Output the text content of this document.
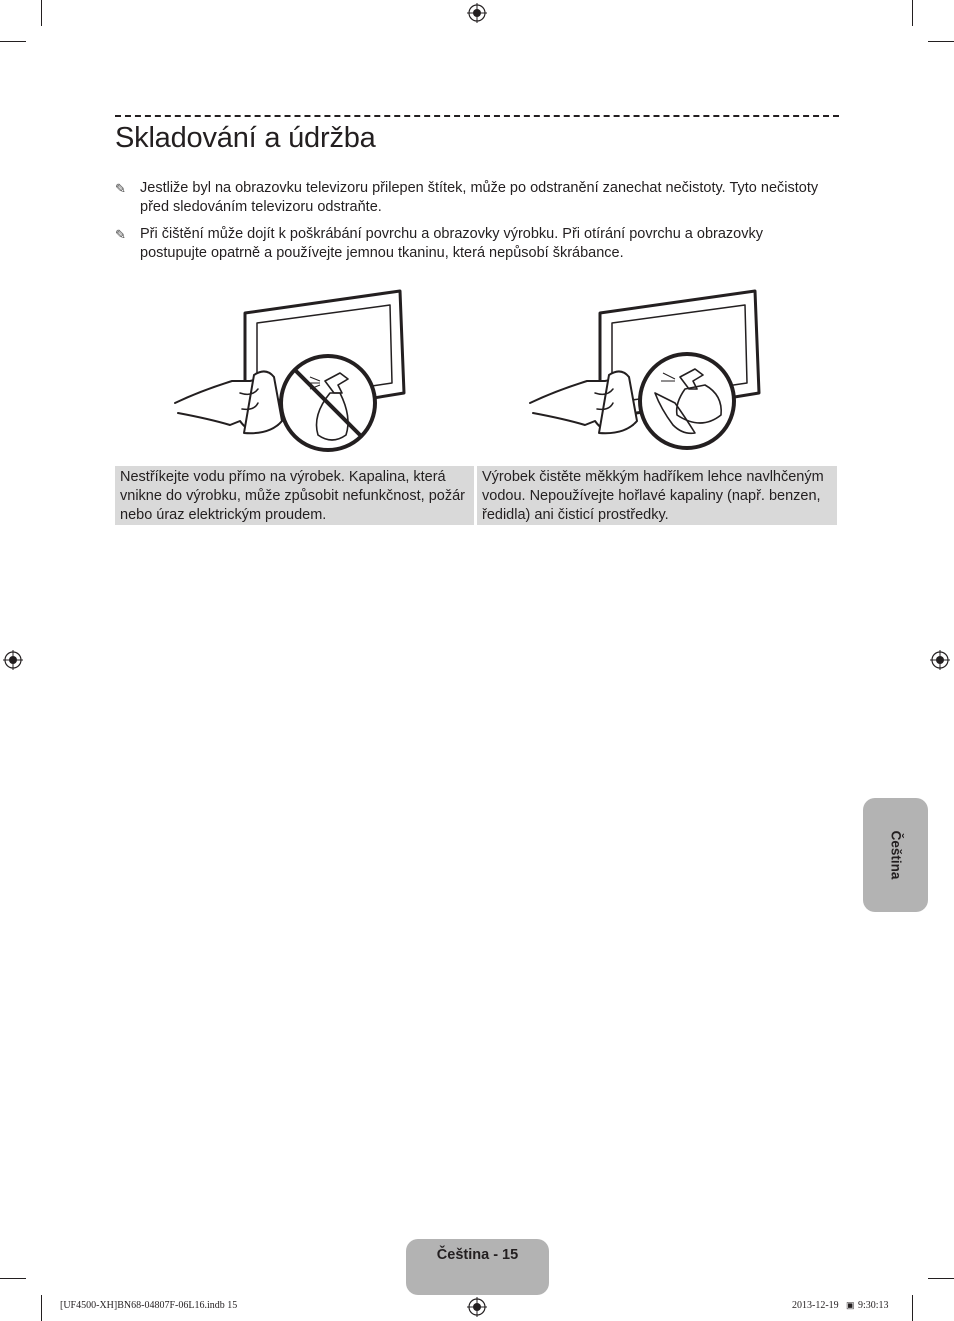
Skladování a údržba
✎ Jestliže byl na obrazovku televizoru přilepen štítek, může po odstranění zanechat nečistoty. Tyto nečistoty před sledováním televizoru odstraňte.
✎ Při čištění může dojít k poškrábání povrchu a obrazovky výrobku. Při otírání povrchu a obrazovky postupujte opatrně a používejte jemnou tkaninu, která nepůsobí škrábance.
Nestříkejte vodu přímo na výrobek. Kapalina, která vnikne do výrobku, může způsobit nefunkčnost, požár nebo úraz elektrickým proudem.
Výrobek čistěte měkkým hadříkem lehce navlhčeným vodou. Nepoužívejte hořlavé kapaliny (např. benzen, ředidla) ani čisticí prostředky.
Čeština
Čeština - 15
[UF4500-XH]BN68-04807F-06L16.indb 15	2013-12-19 ▣ 9:30:13
